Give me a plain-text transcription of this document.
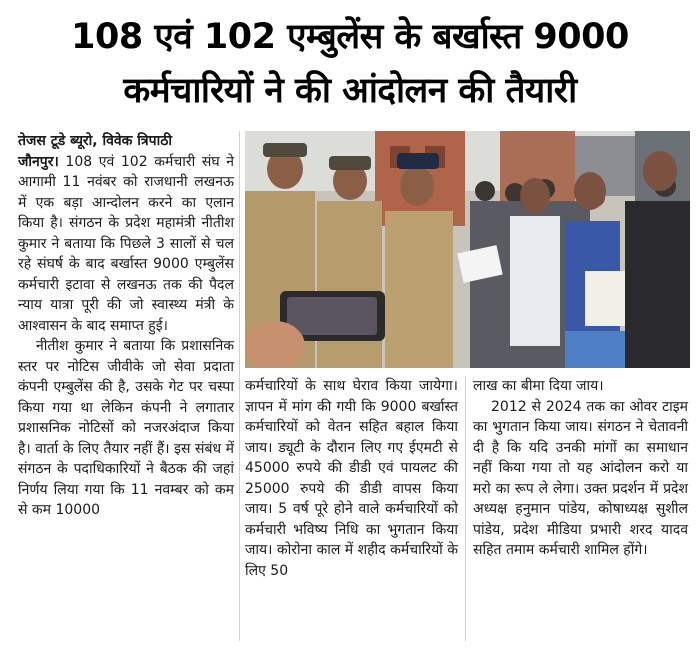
108 एवं 102 एम्बुलेंस के बर्खास्त 9000
कर्मचारियों ने की आंदोलन की तैयारी
तेजस टूडे ब्यूरो, विवेक त्रिपाठी
जौनपुर। 108 एवं 102 कर्मचारी संघ ने आगामी 11 नवंबर को राजधानी लखनऊ में एक बड़ा आन्दोलन करने का एलान किया है। संगठन के प्रदेश महामंत्री नीतीश कुमार ने बताया कि पिछले 3 सालों से चल रहे संघर्ष के बाद बर्खास्त 9000 एम्बुलेंस कर्मचारी इटावा से लखनऊ तक की पैदल न्याय यात्रा पूरी की जो स्वास्थ्य मंत्री के आश्वासन के बाद समाप्त हुई।
नीतीश कुमार ने बताया कि प्रशासनिक स्तर पर नोटिस जीवीके जो सेवा प्रदाता कंपनी एम्बुलेंस की है, उसके गेट पर चस्पा किया गया था लेकिन कंपनी ने लगातार प्रशासनिक नोटिसों को नजरअंदाज किया है। वार्ता के लिए तैयार नहीं हैं। इस संबंध में संगठन के पदाधिकारियों ने बैठक की जहां निर्णय लिया गया कि 11 नवम्बर को कम से कम 10000
कर्मचारियों के साथ घेराव किया जायेगा। ज्ञापन में मांग की गयी कि 9000 बर्खास्त कर्मचारियों को वेतन सहित बहाल किया जाय। ड्यूटी के दौरान लिए गए ईएमटी से 45000 रुपये की डीडी एवं पायलट की 25000 रुपये की डीडी वापस किया जाय। 5 वर्ष पूरे होने वाले कर्मचारियों को कर्मचारी भविष्य निधि का भुगतान किया जाय। कोरोना काल में शहीद कर्मचारियों के लिए 50
लाख का बीमा दिया जाय।
2012 से 2024 तक का ओवर टाइम का भुगतान किया जाय। संगठन ने चेतावनी दी है कि यदि उनकी मांगों का समाधान नहीं किया गया तो यह आंदोलन करो या मरो का रूप ले लेगा। उक्त प्रदर्शन में प्रदेश अध्यक्ष हनुमान पांडेय, कोषाध्यक्ष सुशील पांडेय, प्रदेश मीडिया प्रभारी शरद यादव सहित तमाम कर्मचारी शामिल होंगे।
